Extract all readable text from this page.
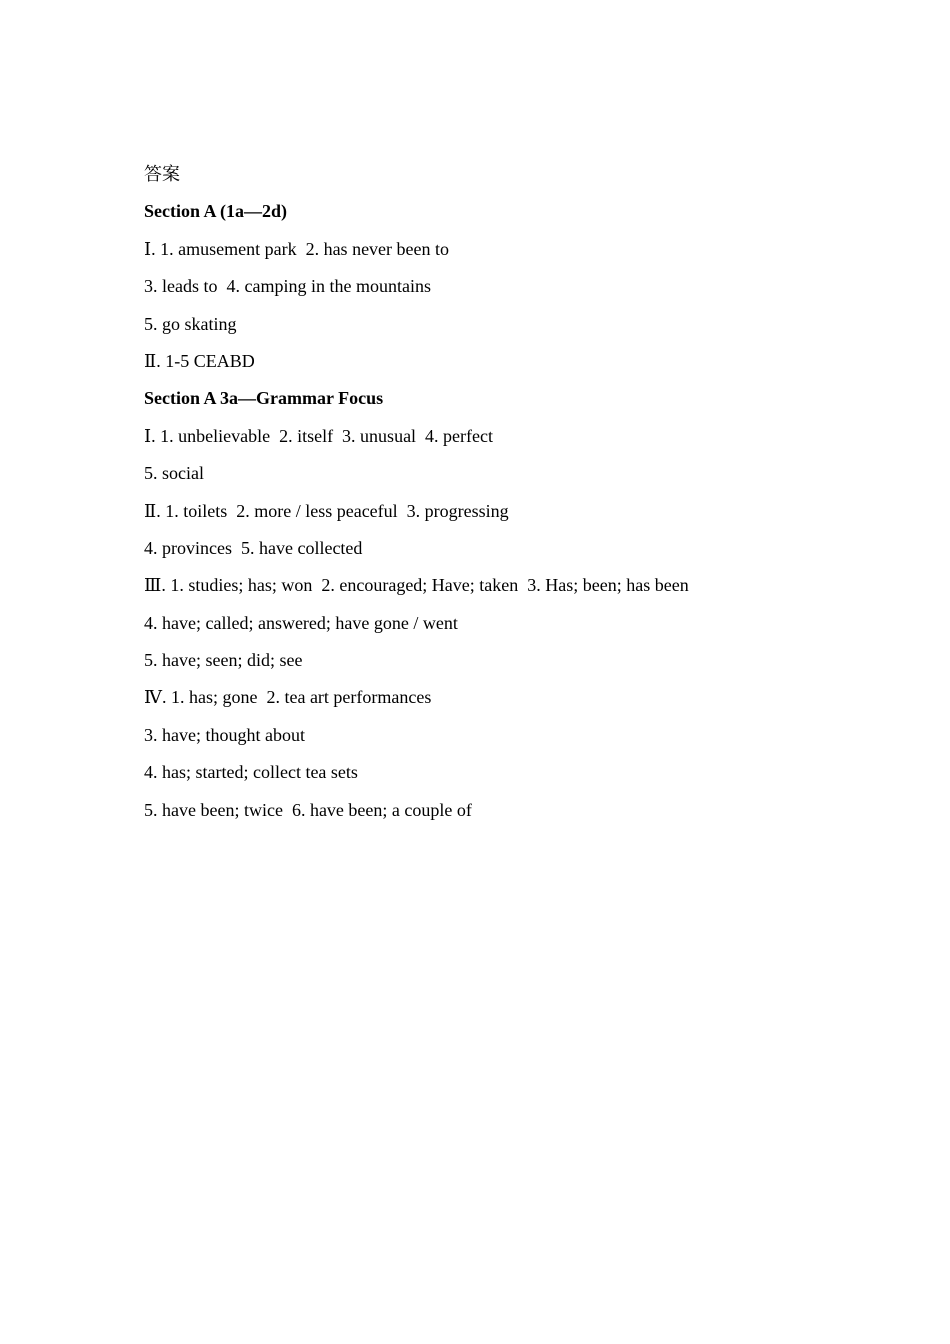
答案
Section A (1a—2d)
Ⅰ. 1. amusement park  2. has never been to
3. leads to  4. camping in the mountains
5. go skating
Ⅱ. 1-5 CEABD
Section A 3a—Grammar Focus
Ⅰ. 1. unbelievable  2. itself  3. unusual  4. perfect
5. social
Ⅱ. 1. toilets  2. more / less peaceful  3. progressing
4. provinces  5. have collected
Ⅲ. 1. studies; has; won  2. encouraged; Have; taken  3. Has; been; has been
4. have; called; answered; have gone / went
5. have; seen; did; see
Ⅳ. 1. has; gone  2. tea art performances
3. have; thought about
4. has; started; collect tea sets
5. have been; twice  6. have been; a couple of
